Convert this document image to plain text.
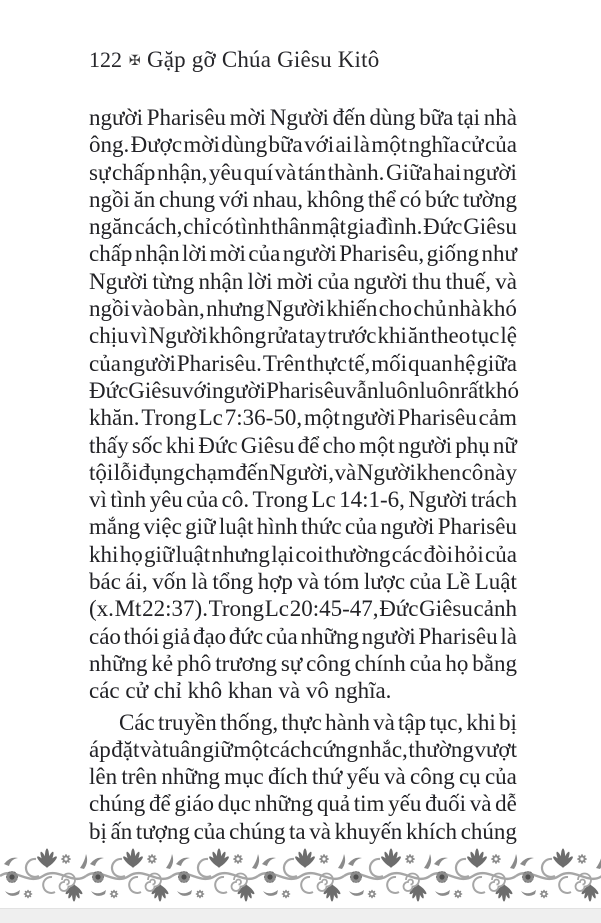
122 ✠ Gặp gỡ Chúa Giêsu Kitô
người Pharisêu mời Người đến dùng bữa tại nhà
ông. Được mời dùng bữa với ai là một nghĩa cử của
sự chấp nhận, yêu quí và tán thành. Giữa hai người
ngồi ăn chung với nhau, không thể có bức tường
ngăn cách, chỉ có tình thân mật gia đình. Đức Giêsu
chấp nhận lời mời của người Pharisêu, giống như
Người từng nhận lời mời của người thu thuế, và
ngồi vào bàn, nhưng Người khiến cho chủ nhà khó
chịu vì Người không rửa tay trước khi ăn theo tục lệ
của người Pharisêu. Trên thực tế, mối quan hệ giữa
Đức Giêsu với người Pharisêu vẫn luôn luôn rất khó
khăn. Trong Lc 7:36-50, một người Pharisêu cảm
thấy sốc khi Đức Giêsu để cho một người phụ nữ
tội lỗi đụng chạm đến Người, và Người khen cô này
vì tình yêu của cô. Trong Lc 14:1-6, Người trách
mắng việc giữ luật hình thức của người Pharisêu
khi họ giữ luật nhưng lại coi thường các đòi hỏi của
bác ái, vốn là tổng hợp và tóm lược của Lề Luật
(x. Mt 22:37). Trong Lc 20:45-47, Đức Giêsu cảnh
cáo thói giả đạo đức của những người Pharisêu là
những kẻ phô trương sự công chính của họ bằng
các cử chỉ khô khan và vô nghĩa.
Các truyền thống, thực hành và tập tục, khi bị
áp đặt và tuân giữ một cách cứng nhắc, thường vượt
lên trên những mục đích thứ yếu và công cụ của
chúng để giáo dục những quả tim yếu đuối và dễ
bị ấn tượng của chúng ta và khuyến khích chúng
